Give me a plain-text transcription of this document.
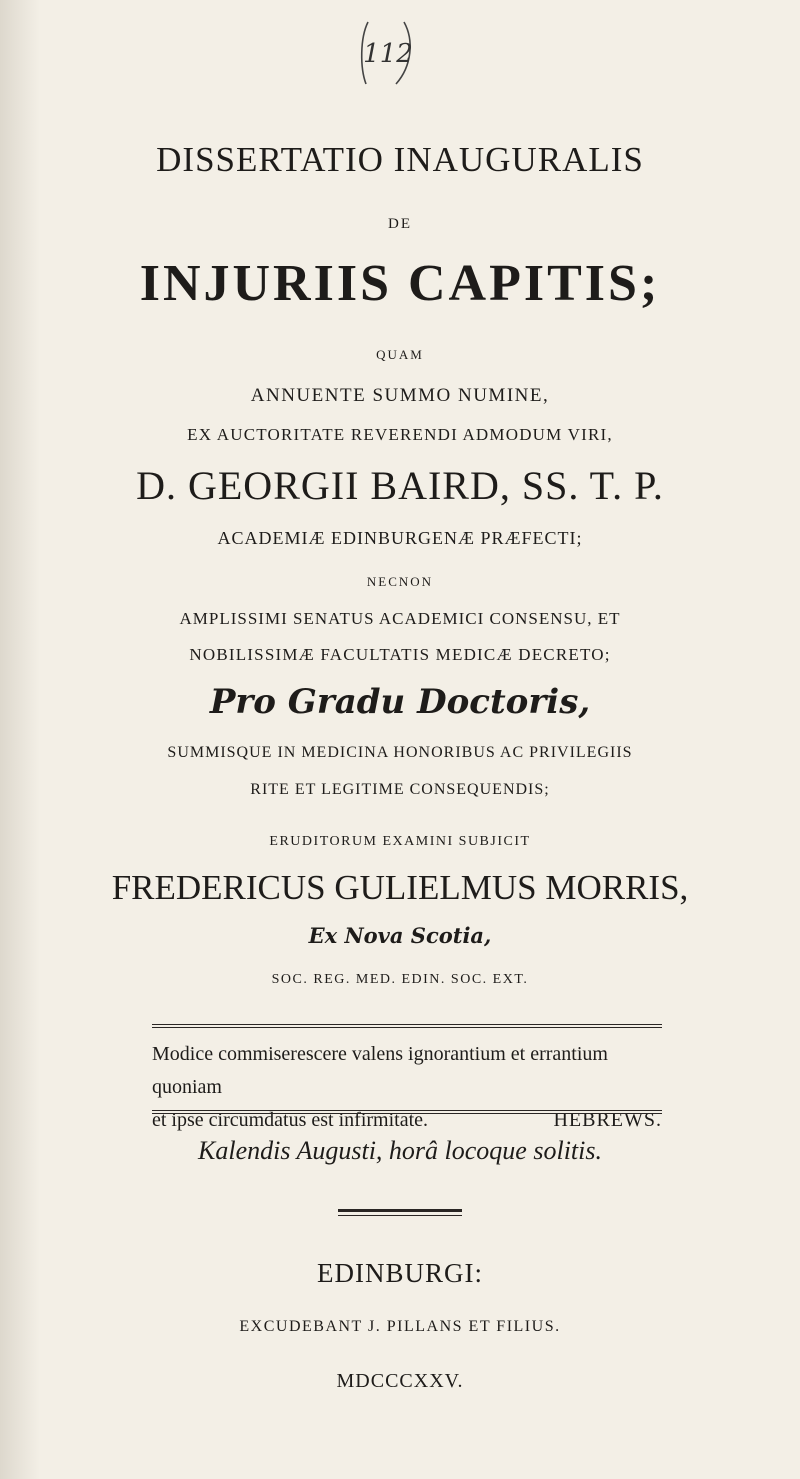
112
DISSERTATIO INAUGURALIS
DE
INJURIIS CAPITIS;
QUAM
ANNUENTE SUMMO NUMINE,
EX AUCTORITATE REVERENDI ADMODUM VIRI,
D. GEORGII BAIRD, SS. T. P.
ACADEMIÆ EDINBURGENÆ PRÆFECTI;
NECNON
AMPLISSIMI SENATUS ACADEMICI CONSENSU, ET
NOBILISSIMÆ FACULTATIS MEDICÆ DECRETO;
Pro Gradu Doctoris,
SUMMISQUE IN MEDICINA HONORIBUS AC PRIVILEGIIS
RITE ET LEGITIME CONSEQUENDIS;
ERUDITORUM EXAMINI SUBJICIT
FREDERICUS GULIELMUS MORRIS,
Ex Nova Scotia,
SOC. REG. MED. EDIN. SOC. EXT.
Modice commiserescere valens ignorantium et errantium quoniam
et ipse circumdatus est infirmitate.	HEBREWS.
Kalendis Augusti, horâ locoque solitis.
EDINBURGI:
EXCUDEBANT J. PILLANS ET FILIUS.
MDCCCXXV.
